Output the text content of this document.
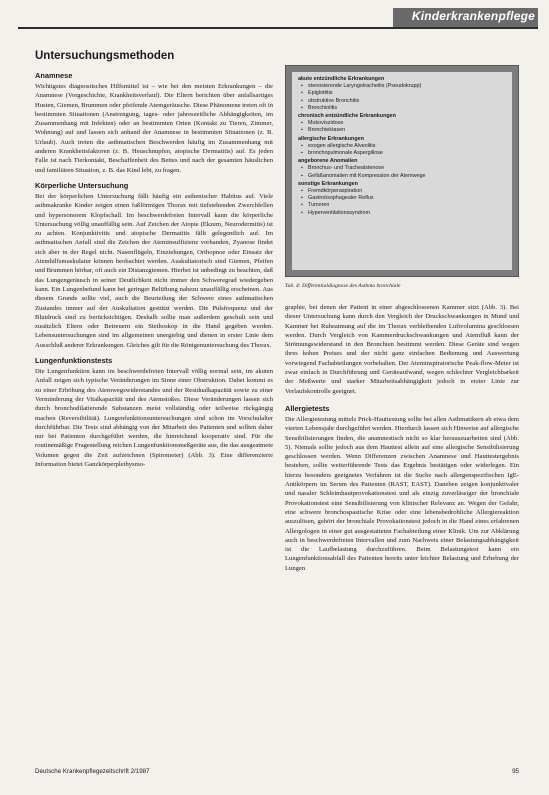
Kinderkrankenpflege
Untersuchungsmethoden
Anamnese

Wichtigstes diagnostisches Hilfsmittel ist – wie bei den meisten Erkrankungen – die Anamnese (Vorgeschichte, Krankheitsverlauf). Die Eltern berichten über anfallsartiges Husten, Giemen, Brummen oder pfeifende Atemgeräusche. Diese Phänomene treten oft in bestimmten Situationen (Anstrengung, tages- oder jahreszeitliche Abhängigkeiten, im Zusammenhang mit Infekten) oder an bestimmten Orten (Kontakt zu Tieren, Zimmer, Wohnung) auf und lassen sich anhand der Anamnese in bestimmten Situationen (z. B. Urlaub). Auch treten die asthmatischen Beschwerden häufig im Zusammenhang mit anderen Krankheitsfaktoren (z. B. Heuschnupfen, atopische Dermatitis) auf. Es jeden Falle ist nach Tierkontakt, Beschaffenheit des Bettes und nach der gesamten häuslichen und familiären Situation, z. B. das Kind lebt, zu fragen.

Körperliche Untersuchung

Bei der körperlichen Untersuchung fällt häufig ein asthenischer Habitus auf. Viele asthmakranke Kinder zeigen einen faßförmigen Thorax mit tiefstehenden Zwerchfellen und hypersonorem Klopfschall. Im beschwerdefreien Intervall kann die körperliche Untersuchung völlig unauffällig sein. Auf Zeichen der Atopie (Ekzem, Neurodermitis) ist zu achten. Konjunktivitis und atopische Dermatitis fällt gelegentlich auf. Im asthmatischen Anfall sind die Zeichen der Ateminsuffizienz vorhanden, Zyanose findet sich aber in der Regel nicht. Nasenflügeln, Einziehungen, Orthopnoe oder Einsatz der Atemhilfsmuskulatur können beobachtet werden. Auskultatorisch sind Giemen, Pfeifen und Brummen hörbar, oft auch ein Distanzgiemen. Hierbei ist unbedingt zu beachten, daß das Lungengeräusch in seiner Deutlichkeit nicht immer den Schweregrad wiedergeben kann. Ein Lungenbefund kann bei geringer Belüftung nahezu unauffällig erscheinen. Aus diesem Grunde sollte viel, auch die Beurteilung der Schwere eines asthmatischen Zustandes immer auf der Auskultation gestützt werden. Die Pulsfrequenz und der Blutdruck sind zu berücksichtigen. Deshalb sollte man außerdem geschult sein und zusätzlich Eltern oder Betreuern ein Stethoskop in die Hand gegeben werden. Lebensuntersuchungen sind im allgemeinen unergiebig und dienen in erster Linie dem Ausschluß anderer Erkrankungen. Gleiches gilt für die Röntgenuntersuchung des Thorax.

Lungenfunktionstests

Die Lungenfunktion kann im beschwerdefreien Intervall völlig normal sein, im akuten Anfall zeigen sich typische Veränderungen im Sinne einer Obstruktion. Dabei kommt es zu einer Erhöhung des Atemwegswiderstandes und der Residualkapazität sowie zu einer Verminderung der Vitalkapazität und des Atemstoßes. Diese Veränderungen lassen sich durch bronchodilatierende Substanzen meist vollständig oder teilweise rückgängig machen (Reversibilität). Lungenfunktionsuntersuchungen sind schon im Vorschulalter durchführbar. Die Tests sind abhängig von der Mitarbeit des Patienten und sollten daher nur bei Patienten durchgeführt werden, die hinreichend kooperativ sind. Für die routinemäßige Fragestellung reichen Lungenfunktionsmeßgeräte aus, die das ausgeatmete Volumen gegen die Zeit aufzeichnen (Spirometer) (Abb. 3). Eine differenzierte Information bietet Ganzkörperplethysmo-

akute entzündliche Erkrankungen
▪ stenosierende Laryngotracheitis (Pseudokrupp)
▪ Epiglottitis
▪ obstruktive Bronchitis
▪ Bronchiolitis
chronisch entzündliche Erkrankungen
▪ Mukoviszidose
▪ Bronchiektasen
allergische Erkrankungen
▪ exogen allergische Alveolitis
▪ bronchopulmonale Aspergillose
angeborene Anomalien
▪ Bronchus- und Trachealstenose
▪ Gefäßanomalien mit Kompression der Atemwege
sonstige Erkrankungen
▪ Fremdkörperaspiration
▪ Gastroösophagealer Reflux
▪ Tumoren
▪ Hyperventilationssyndrom
Tab. 4: Differentialdiagnose des Asthma bronchiale

graphie, bei denen der Patient in einer abgeschlossenen Kammer sitzt (Abb. 3). Bei dieser Untersuchung kann durch den Vergleich der Druckschwankungen in Mund und Kammer bei Ruheatmung auf die im Thorax verbleibenden Luftvolumina geschlossen werden. Durch Vergleich von Kammerdruckschwankungen und Atemfluß kann der Strömungswiderstand in den Bronchien bestimmt werden. Diese Geräte sind wegen ihres hohen Preises und der nicht ganz einfachen Bedienung und Auswertung vorwiegend Fachabteilungen vorbehalten. Der Ateminspiratorische Peak-flow-Meter ist zwar einfach in Durchführung und Geräteaufwand, wegen schlechter Vergleichbarkeit der Meßwerte und starker Mitarbeitsabhängigkeit jedoch in erster Linie zur Verlaufskontrolle geeignet.

Allergietests

Die Allergietestung mittels Prick-Hauttestung sollte bei allen Asthmatikern ab etwa dem vierten Lebensjahr durchgeführt werden. Hierdurch lassen sich Hinweise auf allergische Sensibilisierungen finden, die anamnestisch nicht so klar herauszuarbeiten sind (Abb. 5). Niemals sollte jedoch aus dem Hauttest allein auf eine allergische Sensibilisierung geschlossen werden. Wenn Differenzen zwischen Anamnese und Hauttestergebnis bestehen, sollte weiterführende Tests das Ergebnis bestätigen oder widerlegen. Ein hierzu besonders geeignetes Verfahren ist die Suche nach allergenspezifischen IgE-Antikörpern im Serum des Patienten (RAST, EAST). Daneben zeigen konjunktivaler und nasaler Schleimhautprovokationstest und als einzig zuverlässiger der bronchiale Provokationstest eine Sensibilisierung von klinischer Relevanz an. Wegen der Gefahr, eine schwere bronchospastische Krise oder eine lebensbedrohliche Allergiereaktion auszulösen, gehört der bronchiale Provokationstest jedoch in die Hand eines erfahrenen Allergologen in einer gut ausgestatteten Fachabteilung einer Klinik. Um zur Abklärung auch in beschwerdefreien Intervallen und zum Nachweis einer Belastungsabhängigkeit ist die Laufbelastung durchzuführen. Beim Belastungstest kann ein Lungenfunktionsabfall des Patienten bereits unter leichter Belastung und Erhebung der Lungen

Deutsche Krankenpflegezeitschrift 2/1987	95
